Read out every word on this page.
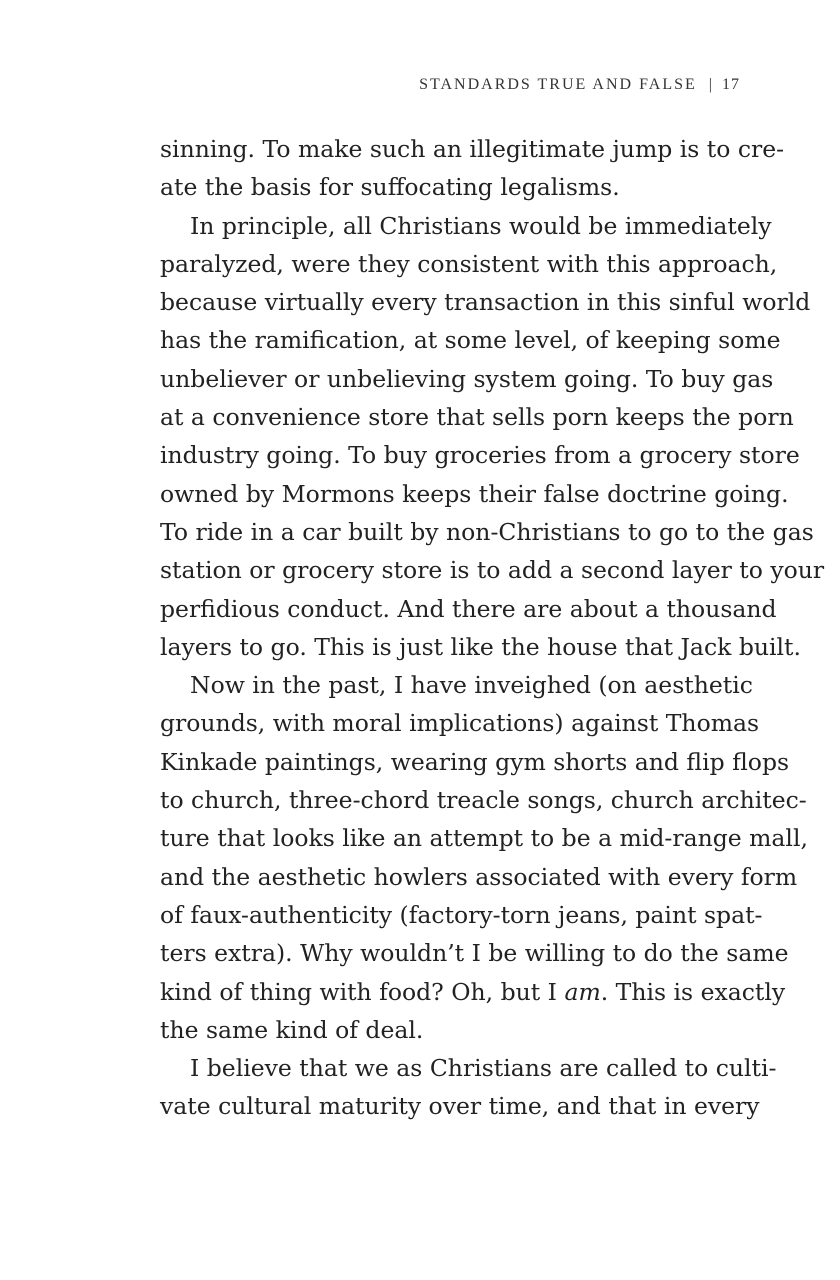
STANDARDS TRUE AND FALSE | 17
sinning. To make such an illegitimate jump is to cre-
ate the basis for suffocating legalisms.
In principle, all Christians would be immediately
paralyzed, were they consistent with this approach,
because virtually every transaction in this sinful world
has the ramification, at some level, of keeping some
unbeliever or unbelieving system going. To buy gas
at a convenience store that sells porn keeps the porn
industry going. To buy groceries from a grocery store
owned by Mormons keeps their false doctrine going.
To ride in a car built by non-Christians to go to the gas
station or grocery store is to add a second layer to your
perfidious conduct. And there are about a thousand
layers to go. This is just like the house that Jack built.
Now in the past, I have inveighed (on aesthetic
grounds, with moral implications) against Thomas
Kinkade paintings, wearing gym shorts and flip flops
to church, three-chord treacle songs, church architec-
ture that looks like an attempt to be a mid-range mall,
and the aesthetic howlers associated with every form
of faux-authenticity (factory-torn jeans, paint spat-
ters extra). Why wouldn’t I be willing to do the same
kind of thing with food? Oh, but I am. This is exactly
the same kind of deal.
I believe that we as Christians are called to culti-
vate cultural maturity over time, and that in every
